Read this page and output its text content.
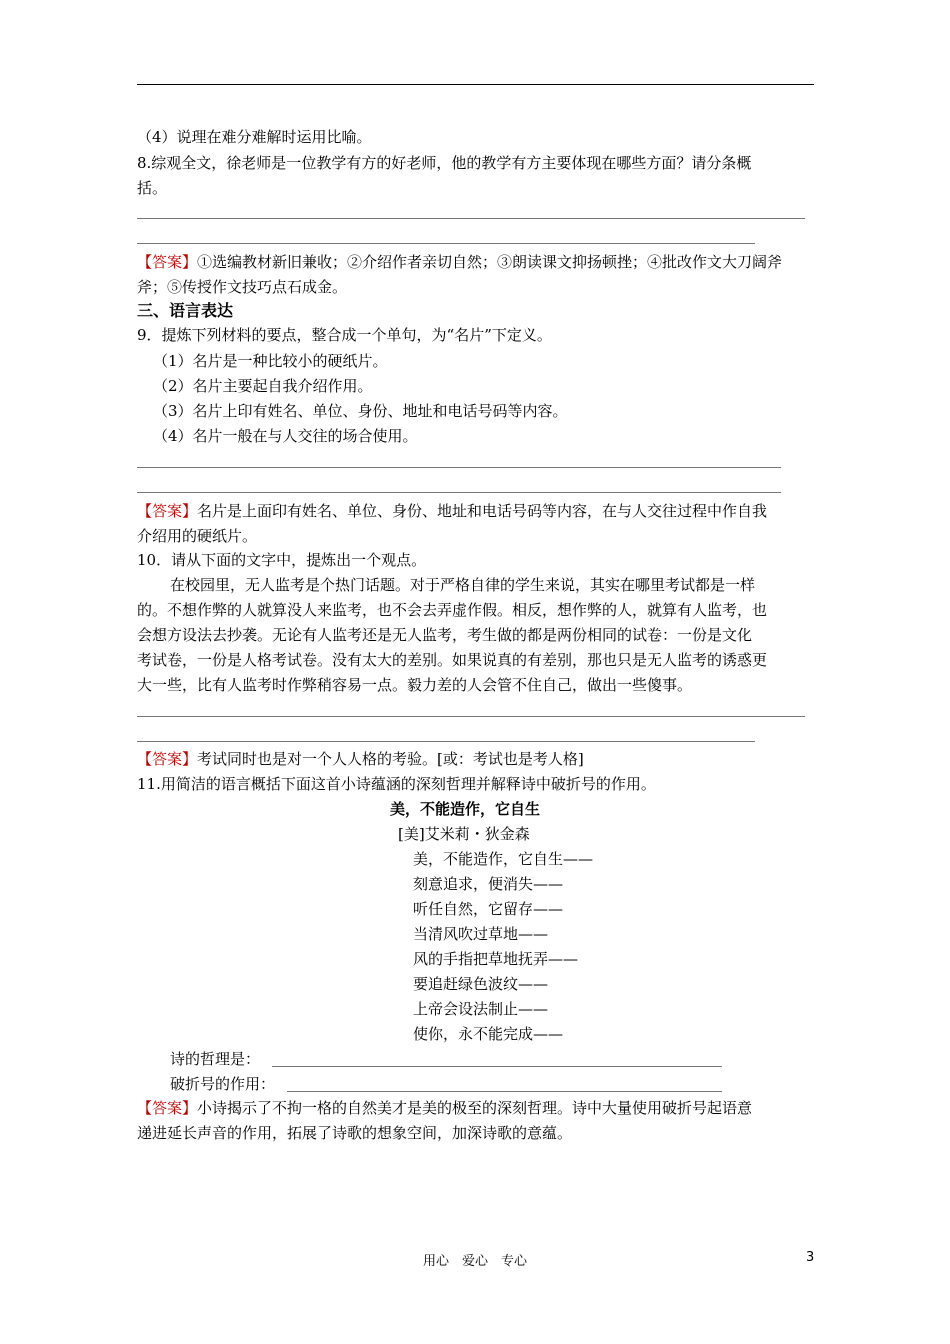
（4）说理在难分难解时运用比喻。
8.综观全文，徐老师是一位教学有方的好老师，他的教学有方主要体现在哪些方面？请分条概
括。
【答案】①选编教材新旧兼收；②介绍作者亲切自然；③朗读课文抑扬顿挫；④批改作文大刀阔斧
斧；⑤传授作文技巧点石成金。
三、语言表达
9．提炼下列材料的要点，整合成一个单句，为“名片”下定义。
（1）名片是一种比较小的硬纸片。
（2）名片主要起自我介绍作用。
（3）名片上印有姓名、单位、身份、地址和电话号码等内容。
（4）名片一般在与人交往的场合使用。
【答案】名片是上面印有姓名、单位、身份、地址和电话号码等内容，在与人交往过程中作自我
介绍用的硬纸片。
10．请从下面的文字中，提炼出一个观点。
在校园里，无人监考是个热门话题。对于严格自律的学生来说，其实在哪里考试都是一样
的。不想作弊的人就算没人来监考，也不会去弄虚作假。相反，想作弊的人，就算有人监考，也
会想方设法去抄袭。无论有人监考还是无人监考，考生做的都是两份相同的试卷：一份是文化
考试卷，一份是人格考试卷。没有太大的差别。如果说真的有差别，那也只是无人监考的诱惑更
大一些，比有人监考时作弊稍容易一点。毅力差的人会管不住自己，做出一些傻事。
【答案】考试同时也是对一个人人格的考验。[或：考试也是考人格]
11.用简洁的语言概括下面这首小诗蕴涵的深刻哲理并解释诗中破折号的作用。
美，不能造作，它自生
[美]艾米莉・狄金森
美，不能造作，它自生——
刻意追求，便消失——
听任自然，它留存——
当清风吹过草地——
风的手指把草地抚弄——
要追赶绿色波纹——
上帝会设法制止——
使你，永不能完成——
诗的哲理是：
破折号的作用：
【答案】小诗揭示了不拘一格的自然美才是美的极至的深刻哲理。诗中大量使用破折号起语意
递进延长声音的作用，拓展了诗歌的想象空间，加深诗歌的意蕴。
用心　爱心　专心	3
